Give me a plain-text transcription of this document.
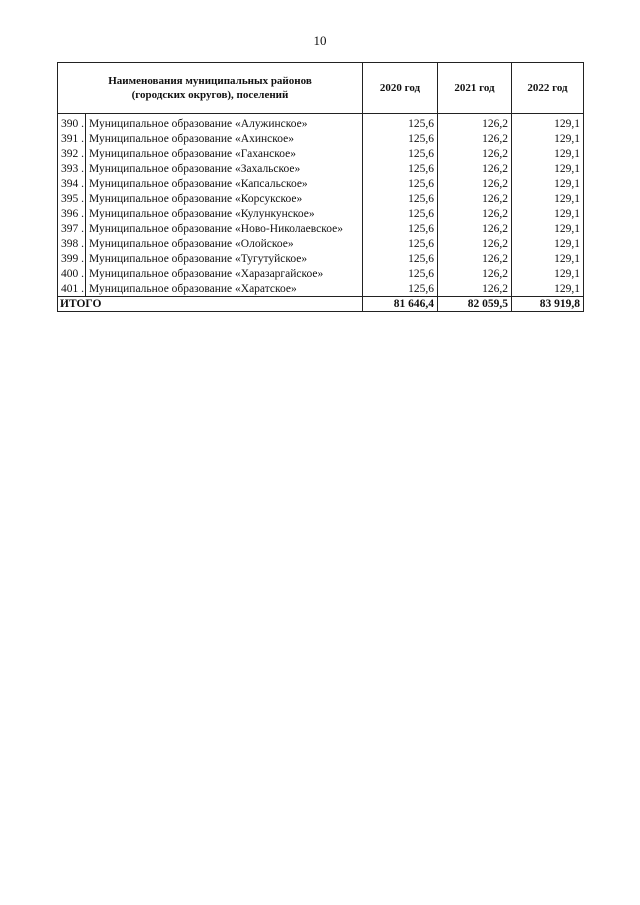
10
Наименования муниципальных районов
(городских округов), поселений		2020 год	2021 год	2022 год
390 .	Муниципальное образование «Алужинское»	125,6	126,2	129,1
391 .	Муниципальное образование «Ахинское»	125,6	126,2	129,1
392 .	Муниципальное образование «Гаханское»	125,6	126,2	129,1
393 .	Муниципальное образование «Захальское»	125,6	126,2	129,1
394 .	Муниципальное образование «Капсальское»	125,6	126,2	129,1
395 .	Муниципальное образование «Корсукское»	125,6	126,2	129,1
396 .	Муниципальное образование «Кулункунское»	125,6	126,2	129,1
397 .	Муниципальное образование «Ново-Николаевское»	125,6	126,2	129,1
398 .	Муниципальное образование «Олойское»	125,6	126,2	129,1
399 .	Муниципальное образование «Тугутуйское»	125,6	126,2	129,1
400 .	Муниципальное образование «Харазаргайское»	125,6	126,2	129,1
401 .	Муниципальное образование «Харатское»	125,6	126,2	129,1
ИТОГО		81 646,4	82 059,5	83 919,8
